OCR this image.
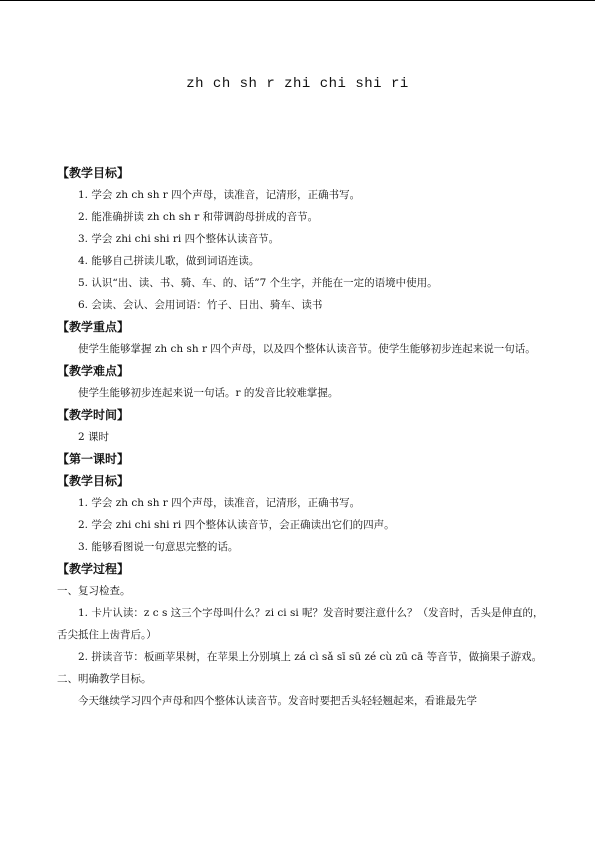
zh ch sh r zhi chi shi ri
【教学目标】
1. 学会 zh ch sh r 四个声母，读准音，记清形，正确书写。
2. 能准确拼读 zh ch sh r 和带调韵母拼成的音节。
3. 学会 zhi chi shi ri 四个整体认读音节。
4. 能够自己拼读儿歌，做到词语连读。
5. 认识“出、读、书、骑、车、的、话”7 个生字，并能在一定的语境中使用。
6. 会读、会认、会用词语：竹子、日出、骑车、读书
【教学重点】
使学生能够掌握 zh ch sh r 四个声母，以及四个整体认读音节。使学生能够初步连起来说一句话。
【教学难点】
使学生能够初步连起来说一句话。r 的发音比较难掌握。
【教学时间】
2 课时
【第一课时】
【教学目标】
1. 学会 zh ch sh r 四个声母，读准音，记清形，正确书写。
2. 学会 zhi chi shi ri 四个整体认读音节，会正确读出它们的四声。
3. 能够看图说一句意思完整的话。
【教学过程】
一、复习检查。
1. 卡片认读：z c s 这三个字母叫什么？zi ci si 呢？发音时要注意什么？（发音时，舌头是伸直的，舌尖抵住上齿背后。）
2. 拼读音节：板画苹果树，在苹果上分别填上 zá cì sǎ sī sū zé cù zū cā 等音节，做摘果子游戏。
二、明确教学目标。
今天继续学习四个声母和四个整体认读音节。发音时要把舌头轻轻翘起来，看谁最先学
